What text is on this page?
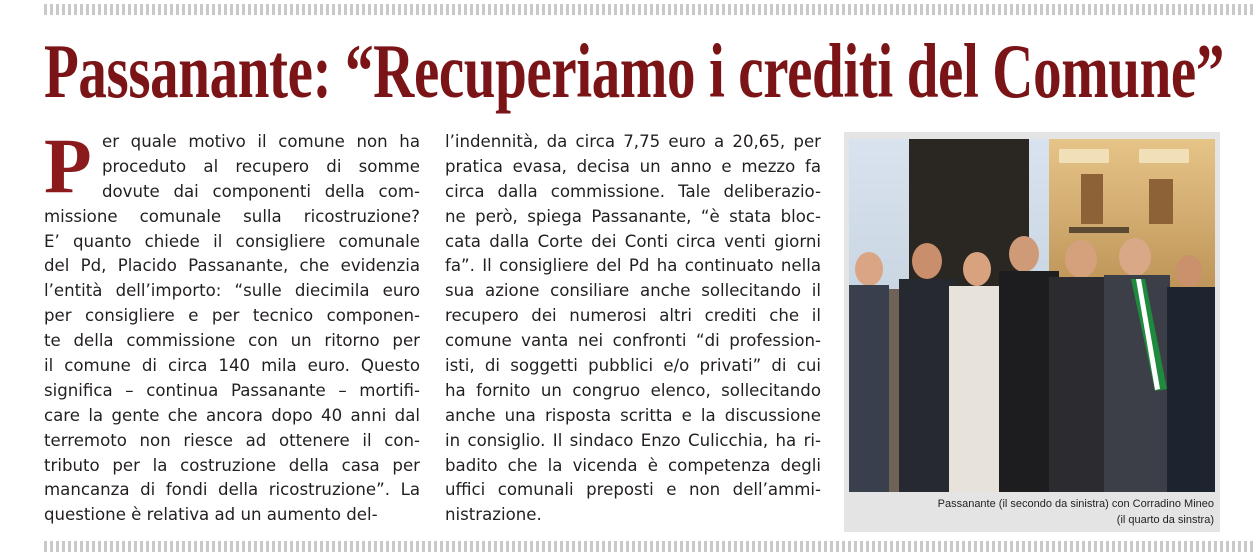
Passanante: “Recuperiamo i crediti del Comune”
P er quale motivo il comune non ha
proceduto al recupero di somme
dovute dai componenti della com-
missione comunale sulla ricostruzione?
E’ quanto chiede il consigliere comunale
del Pd, Placido Passanante, che evidenzia
l’entità dell’importo: “sulle diecimila euro
per consigliere e per tecnico componen-
te della commissione con un ritorno per
il comune di circa 140 mila euro. Questo
significa – continua Passanante – mortifi-
care la gente che ancora dopo 40 anni dal
terremoto non riesce ad ottenere il con-
tributo per la costruzione della casa per
mancanza di fondi della ricostruzione”. La
questione è relativa ad un aumento del-
l’indennità, da circa 7,75 euro a 20,65, per
pratica evasa, decisa un anno e mezzo fa
circa dalla commissione. Tale deliberazio-
ne però, spiega Passanante, “è stata bloc-
cata dalla Corte dei Conti circa venti giorni
fa”. Il consigliere del Pd ha continuato nella
sua azione consiliare anche sollecitando il
recupero dei numerosi altri crediti che il
comune vanta nei confronti “di profession-
isti, di soggetti pubblici e/o privati” di cui
ha fornito un congruo elenco, sollecitando
anche una risposta scritta e la discussione
in consiglio. Il sindaco Enzo Culicchia, ha ri-
badito che la vicenda è competenza degli
uffici comunali preposti e non dell’ammi-
nistrazione.
Passanante (il secondo da sinistra) con Corradino Mineo
(il quarto da sinstra)
